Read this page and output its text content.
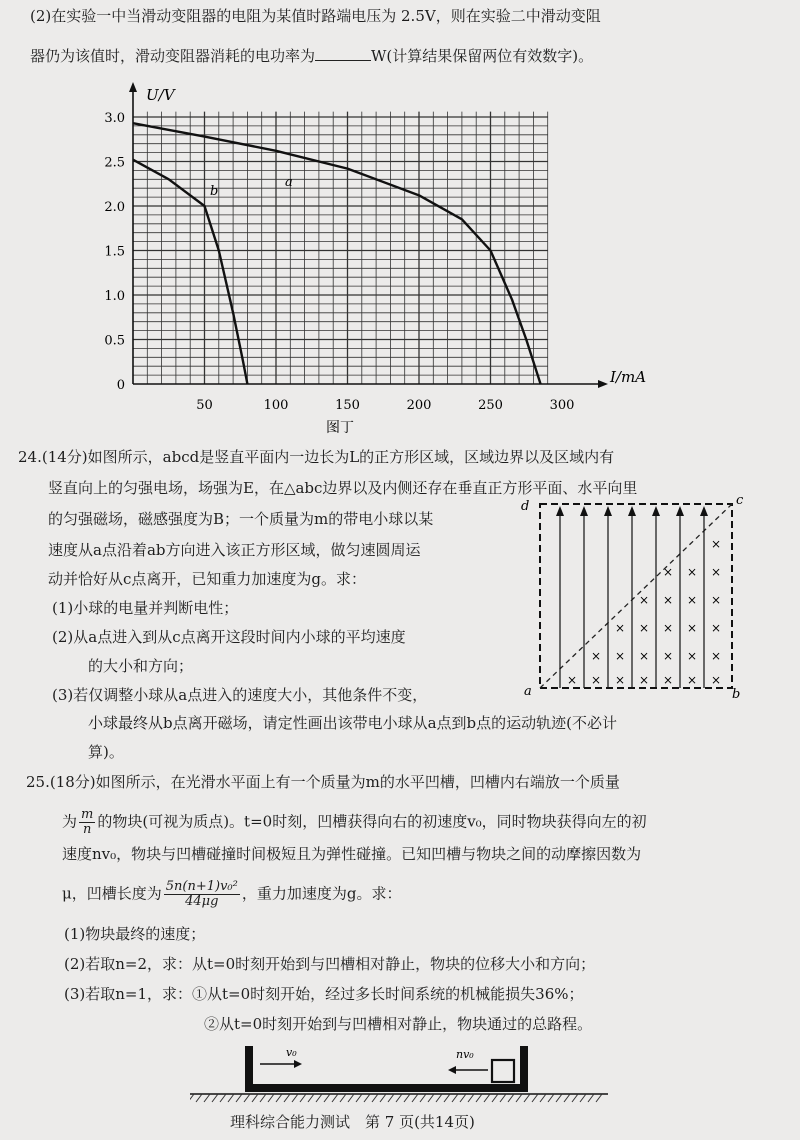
(2)在实验一中当滑动变阻器的电阻为某值时路端电压为 2.5V，则在实验二中滑动变阻
器仍为该值时，滑动变阻器消耗的电功率为	W(计算结果保留两位有效数字)。
3.0
2.5
2.0
1.5
1.0
0.5
0
50	100	150	200	250	300
U/V
I/mA
a
b
图丁
24.(14分)如图所示，abcd是竖直平面内一边长为L的正方形区域，区域边界以及区域内有
竖直向上的匀强电场，场强为E，在△abc边界以及内侧还存在垂直正方形平面、水平向里
的匀强磁场，磁感强度为B；一个质量为m的带电小球以某
速度从a点沿着ab方向进入该正方形区域，做匀速圆周运
动并恰好从c点离开，已知重力加速度为g。求：
(1)小球的电量并判断电性；
(2)从a点进入到从c点离开这段时间内小球的平均速度
的大小和方向；
(3)若仅调整小球从a点进入的速度大小，其他条件不变，
小球最终从b点离开磁场，请定性画出该带电小球从a点到b点的运动轨迹(不必计
算)。
×
×
×
×
×
×
×
×
×
×
×
×
×
×
×
×
×
×
×
×
×
×
×
×
×
×
d	c
a	b
25.(18分)如图所示，在光滑水平面上有一个质量为m的水平凹槽，凹槽内右端放一个质量
为 $\frac{m}{n}$ 的物块(可视为质点)。t=0时刻，凹槽获得向右的初速度v₀，同时物块获得向左的初
速度nv₀，物块与凹槽碰撞时间极短且为弹性碰撞。已知凹槽与物块之间的动摩擦因数为
μ，凹槽长度为 $\frac{\text{5n(n+1)v₀²}}{44\mu g}$ ，重力加速度为g。求：
(1)物块最终的速度；
(2)若取n=2，求：从t=0时刻开始到与凹槽相对静止，物块的位移大小和方向；
(3)若取n=1，求：①从t=0时刻开始，经过多长时间系统的机械能损失36%；
②从t=0时刻开始到与凹槽相对静止，物块通过的总路程。
v₀	nv₀
理科综合能力测试　第 7 页(共14页)
